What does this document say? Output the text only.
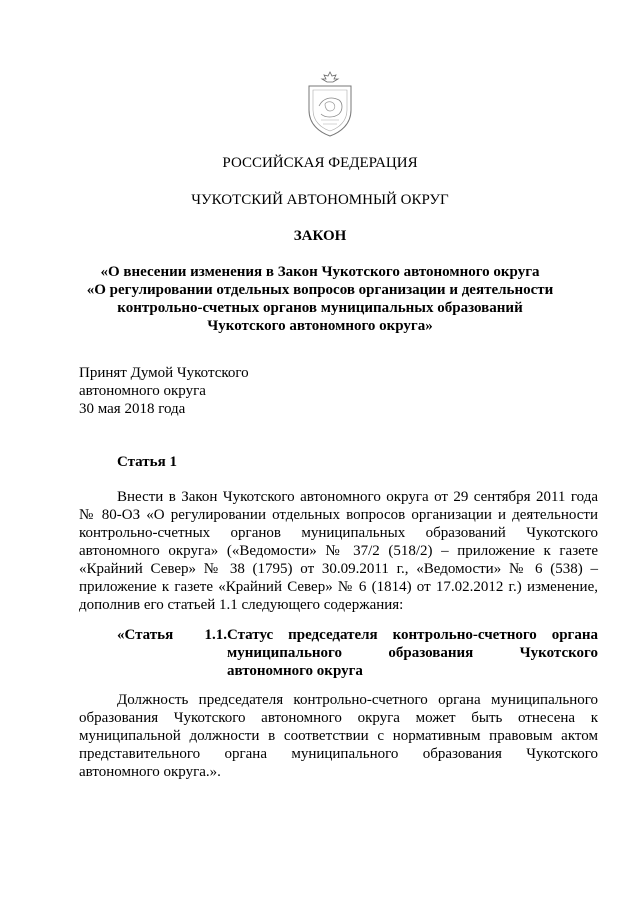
РОССИЙСКАЯ ФЕДЕРАЦИЯ
ЧУКОТСКИЙ АВТОНОМНЫЙ ОКРУГ
ЗАКОН
«О внесении изменения в Закон Чукотского автономного округа
«О регулировании отдельных вопросов организации и деятельности
контрольно-счетных органов муниципальных образований
Чукотского автономного округа»
Принят Думой Чукотского
автономного округа
30 мая 2018 года
Статья 1
Внести в Закон Чукотского автономного округа от 29 сентября 2011 года
№ 80-ОЗ «О регулировании отдельных вопросов организации и деятельности
контрольно-счетных органов муниципальных образований Чукотского
автономного округа» («Ведомости» № 37/2 (518/2) – приложение к газете
«Крайний Север» № 38 (1795) от 30.09.2011 г., «Ведомости» № 6 (538) –
приложение к газете «Крайний Север» № 6 (1814) от 17.02.2012 г.) изменение,
дополнив его статьей 1.1 следующего содержания:
«Статья 1.1. Статус председателя контрольно-счетного органа
муниципального образования Чукотского
автономного округа
Должность председателя контрольно-счетного органа муниципального
образования Чукотского автономного округа может быть отнесена к
муниципальной должности в соответствии с нормативным правовым актом
представительного органа муниципального образования Чукотского
автономного округа.».
